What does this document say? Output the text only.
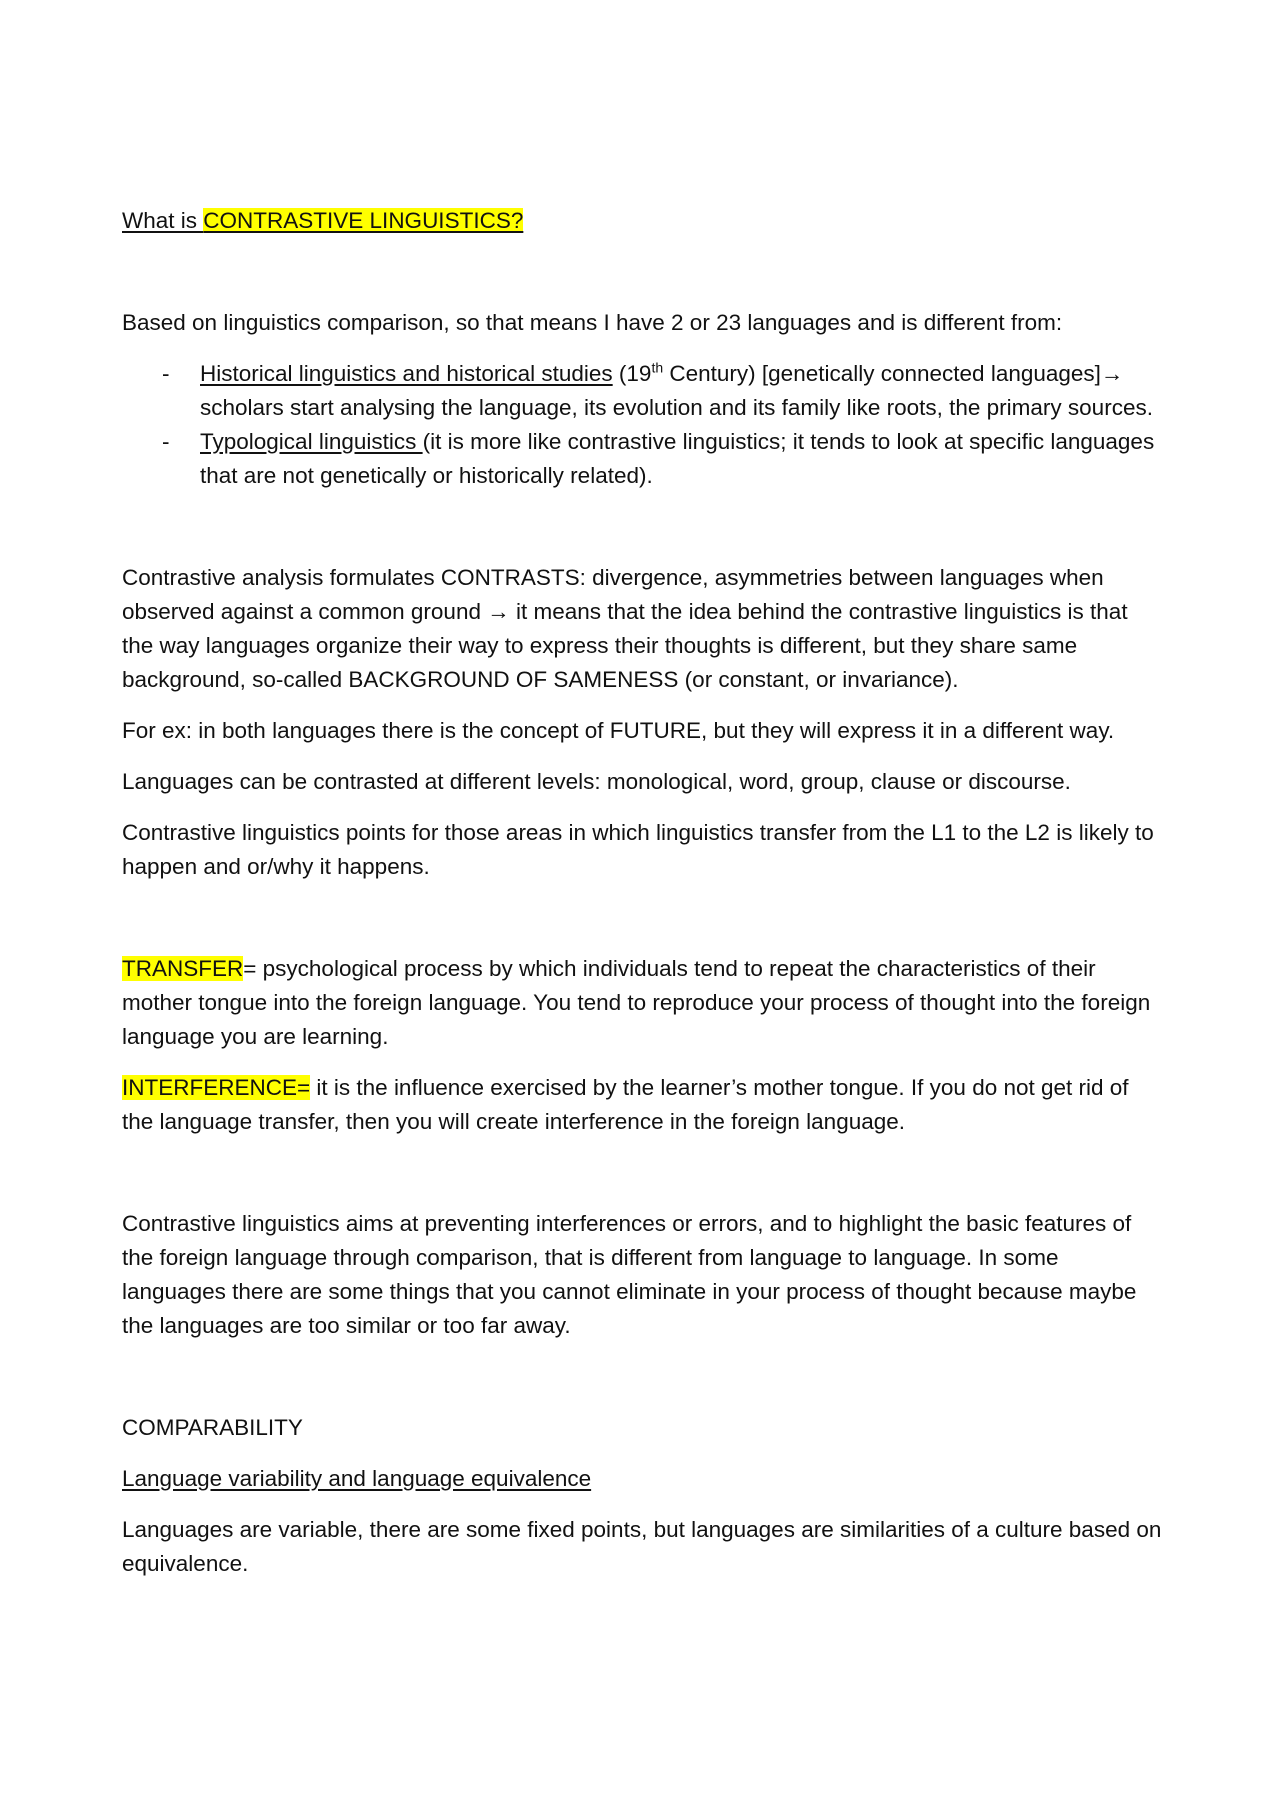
What is CONTRASTIVE LINGUISTICS?

Based on linguistics comparison, so that means I have 2 or 23 languages and is different from:

- Historical linguistics and historical studies (19th Century) [genetically connected languages]→ scholars start analysing the language, its evolution and its family like roots, the primary sources.
- Typological linguistics (it is more like contrastive linguistics; it tends to look at specific languages that are not genetically or historically related).

Contrastive analysis formulates CONTRASTS: divergence, asymmetries between languages when observed against a common ground → it means that the idea behind the contrastive linguistics is that the way languages organize their way to express their thoughts is different, but they share same background, so-called BACKGROUND OF SAMENESS (or constant, or invariance).

For ex: in both languages there is the concept of FUTURE, but they will express it in a different way.

Languages can be contrasted at different levels: monological, word, group, clause or discourse.

Contrastive linguistics points for those areas in which linguistics transfer from the L1 to the L2 is likely to happen and or/why it happens.

TRANSFER= psychological process by which individuals tend to repeat the characteristics of their mother tongue into the foreign language. You tend to reproduce your process of thought into the foreign language you are learning.

INTERFERENCE= it is the influence exercised by the learner’s mother tongue. If you do not get rid of the language transfer, then you will create interference in the foreign language.

Contrastive linguistics aims at preventing interferences or errors, and to highlight the basic features of the foreign language through comparison, that is different from language to language. In some languages there are some things that you cannot eliminate in your process of thought because maybe the languages are too similar or too far away.

COMPARABILITY

Language variability and language equivalence

Languages are variable, there are some fixed points, but languages are similarities of a culture based on equivalence.
